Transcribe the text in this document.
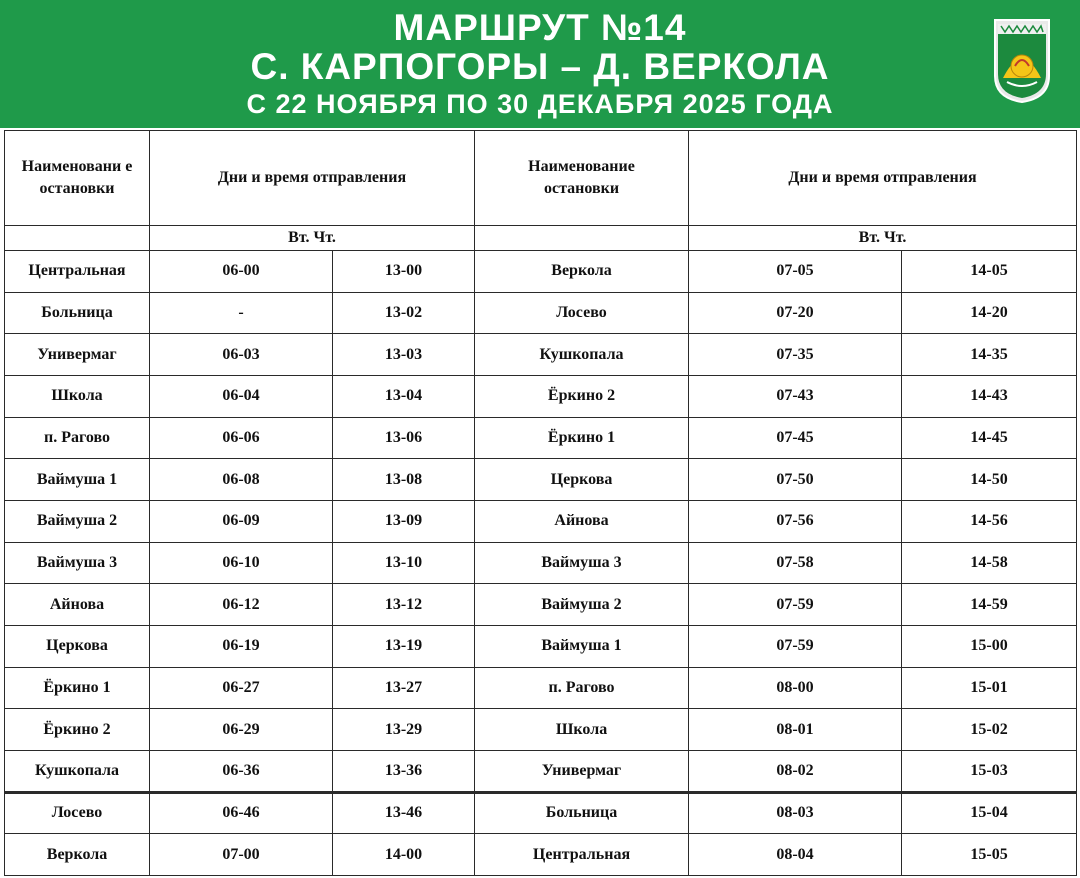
МАРШРУТ №14
С. КАРПОГОРЫ – Д. ВЕРКОЛА
С 22 НОЯБРЯ ПО 30 ДЕКАБРЯ 2025 ГОДА
Наименовани е остановки	Дни и время отправления		Наименование остановки	Дни и время отправления	
	Вт. Чт.			Вт. Чт.	
Центральная	06-00	13-00	Веркола	07-05	14-05
Больница	-	13-02	Лосево	07-20	14-20
Универмаг	06-03	13-03	Кушкопала	07-35	14-35
Школа	06-04	13-04	Ёркино 2	07-43	14-43
п. Рагово	06-06	13-06	Ёркино 1	07-45	14-45
Ваймуша 1	06-08	13-08	Церкова	07-50	14-50
Ваймуша 2	06-09	13-09	Айнова	07-56	14-56
Ваймуша 3	06-10	13-10	Ваймуша 3	07-58	14-58
Айнова	06-12	13-12	Ваймуша 2	07-59	14-59
Церкова	06-19	13-19	Ваймуша 1	07-59	15-00
Ёркино 1	06-27	13-27	п. Рагово	08-00	15-01
Ёркино 2	06-29	13-29	Школа	08-01	15-02
Кушкопала	06-36	13-36	Универмаг	08-02	15-03
Лосево	06-46	13-46	Больница	08-03	15-04
Веркола	07-00	14-00	Центральная	08-04	15-05
